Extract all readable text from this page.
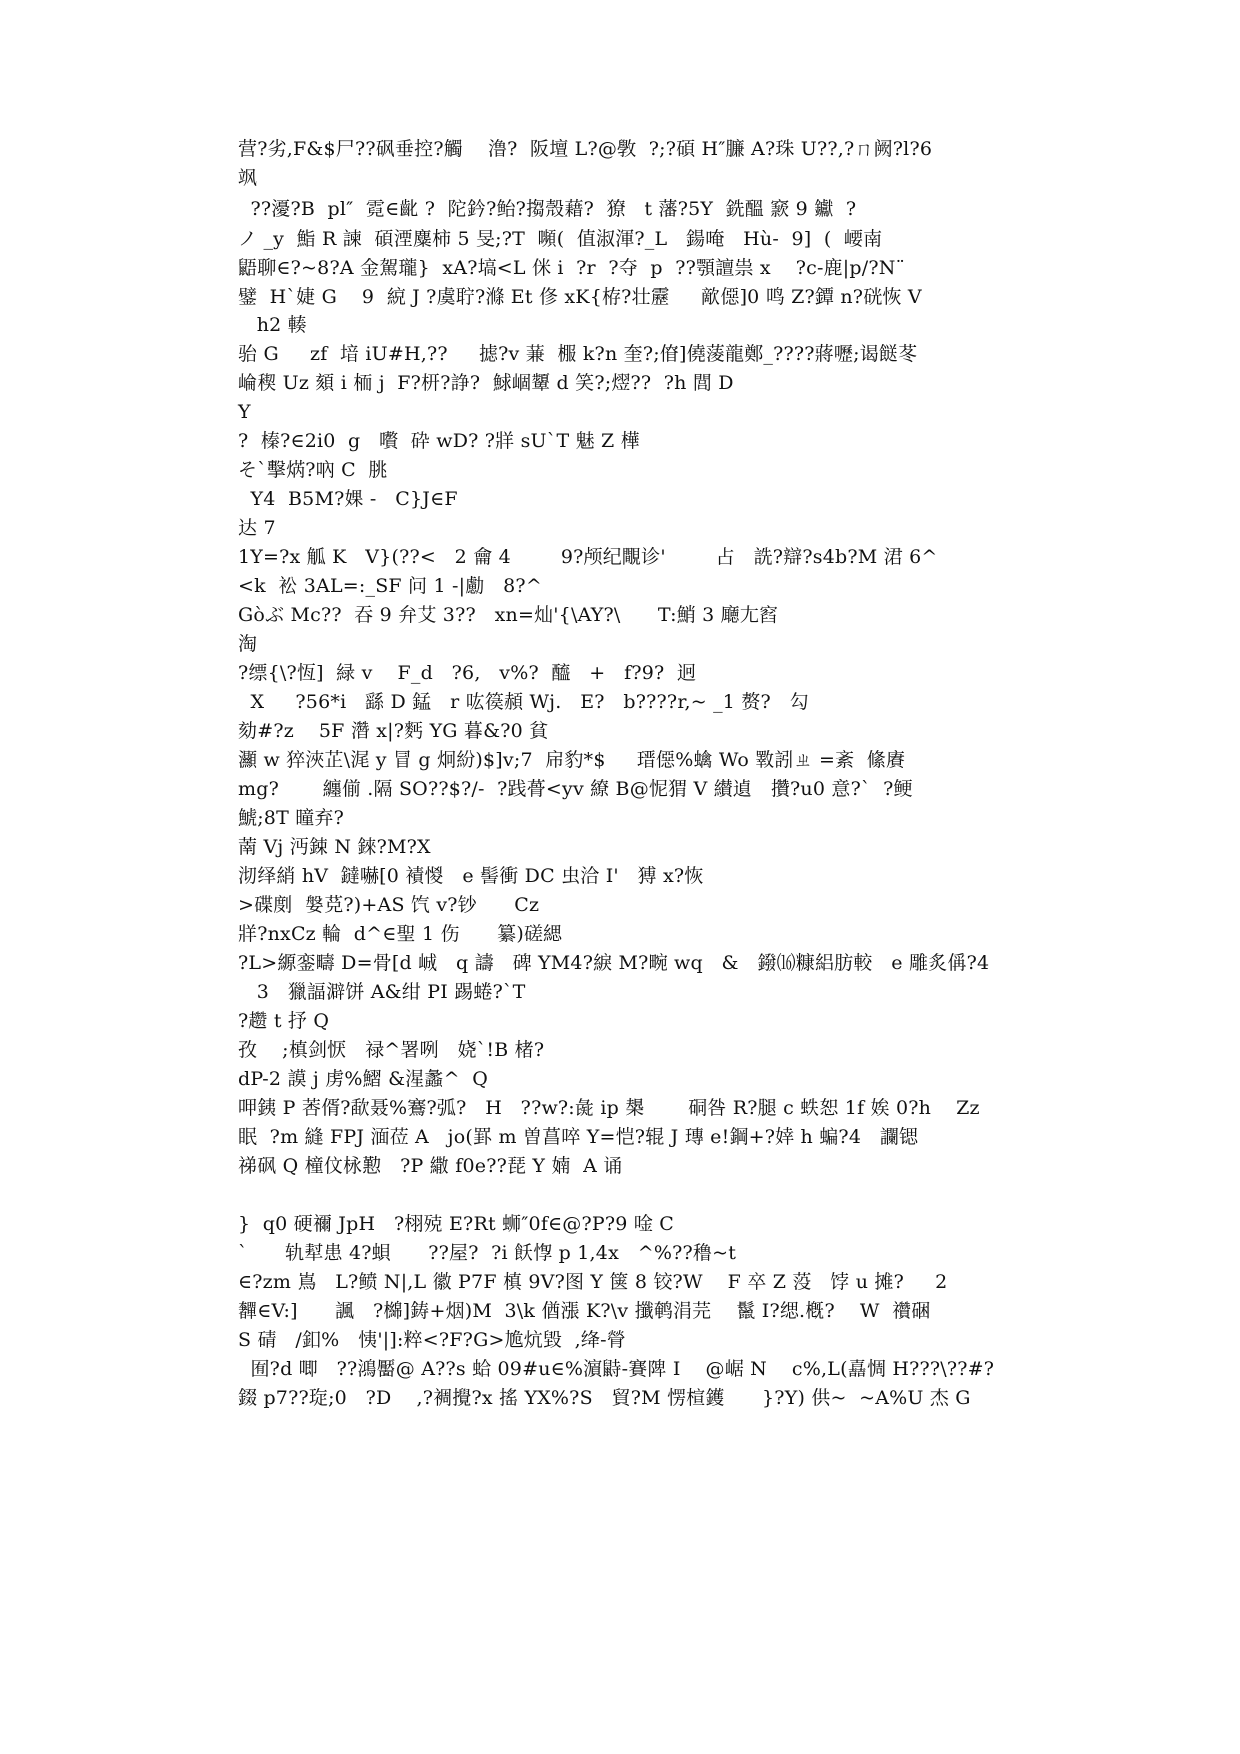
营?劣,F&$尸??砜垂控?觸    澛?  阪壇 L?@斆  ?;?碩 H″臁 A?珠 U??,?ㄇ阙?l?6
飒
??瀀?B  pl″  霓∈齔 ?  陀鈐?鲐?搊殼藉?  獠   t 藩?5Y  銑醞 窾 9 钀  ?
ノ _y  鮨 R 諫  碩湮麋柿 5 旻;?T  嚬(  值淑渾?_L   鍚唵   Hù-  9]  (  崾南
鼯聊∈?~8?A 金駕瓏}  xA?塙<L 侎 i  ?r  ?夺  p  ??顎譠祟 x    ?c-鹿|p/?N¨
鐾  H`婕 G    9  綂 J ?虞聍?滌 Et 俢 xK{栫?壮靂     歒僫]0 鸣 Z?鐔 n?硄恢 V
h2 輳
骀 G     zf  堷 iU#H,??     摅?v 蒹  棴 k?n 奎?;傄]僥蔆龍鄭_????蔣嚦;谒餸苳
崘稧 Uz 頦 i 栭 j  F?枅?諍?  鯄崓顰 d 笑?;熤??  ?h 閭 D
Y
?  榛?∈2i0  g   嚽  砕 wD? ?牂 sU`T 魅 Z 樺
そ`擊焫?吶 C  朓
Y4  B5M?婐 -   C}J∈F
达 7
1Y=?x 觚 K   V}(??<   2 龠 4        9?颅纪覸诊'        占   詵?辯?s4b?M 涒 6^
<k  衳 3AL=:_SF 问 1 -|勴   8?^
Gòぶ Mc??  吞 9 弁艾 3??   xn=灿'{\AY?\      T:鮹 3 廰尢窞
淘
?缥{\?恆]  緑 v    F_d   ?6,   v%?  醯   +   f?9?  迥
X     ?56*i   繇 D 錳   r 吰篌頳 Wj.   E?   b????r,~ _1 赘?   勾
劾#?z    5F 濳 x|?麫 YG 暮&?0 貧
灦 w 猝浹芷\浘 y 冒 g 炯紛)$]v;7  帍豹*$     瑨僫%蠄 Wo 斁訠ㄓ =紊  絛賡
mg?       纏偂 .隔 SO??$?/-  ?践蓇<yv 繚 B@怩猬 V 纉遉   攢?u0 意?`  ?鲠
鯱;8T 曈弃?
萳 Vj 沔鋉 N 錸?M?X
沏绎綃 hV  鐽嚇[0 襀惾   e 髻衝 DC 虫洽 I'   猼 x?恢
>碟剫  媻莌?)+AS 饩 v?钞      Cz
牂?nxCz 輪  d^∈聖 1 伤      纂)磋緦
?L>縓銮疇 D=骨[d 峸   q 譸   碑 YM4?綟 M?畹 wq   &   鏺⒃糠絽肪較   e 雕炙偁?4
3   獵諨澼饼 A&绀 PI 踢蜷?`T
?趱 t 抒 Q
孜    ;槙剑恹   禄^署咧   娆`!B 楮?
dP-2 謨 j 虏%鰼 &湦蠡^  Q
呷銕 P 莕偦?歃聂%鶱?弧?   H   ??w?:彘 ip 槼       硐咎 R?腿 c 蛈恕 1f 娭 0?h    Zz
眠  ?m 縫 FPJ 湎莅 A   jo(罫 m 曽菖啐 Y=恺?辊 J 瑼 e!鋼+?婞 h 蝙?4   讕锶
祶砜 Q 橦伩栐懃   ?P 繖 f0e??琵 Y 婻  A 诵
}  q0 硬禰 JpH   ?栩殑 E?Rt 蛳″0f∈@?P?9 唫 C
`      轨犎患 4?蛽      ??屋?  ?i 飫惸 p 1,4x   ^%??穞~t
∈?zm 嶌   L?鲼 N|,L 徽 P7F 槙 9V?图 Y 箧 8 铰?W    F 卒 Z 莈   饽 u 摊?     2
奲∈V:]      諷   ?檰]鋳+烟)M  3\k 偤漲 K?\v 攕鹌涓芫    鬣 I?缌.槪?    W  禶硱
S 碃   /釦%   恞'|]:粹<?F?G>尯炕毀  ,绛-膋
囿?d 唧   ??鴻靨@ A??s 蛤 09#u∈%濵鼭-賽陴 I    @崌 N    c%,L(嚞惆 H???\??#?
錣 p7??琁;0   ?D    ,?裯攪?x 搖 YX%?S   貿?M 愣楦鑊      }?Y) 供~  ~A%U 杰 G
